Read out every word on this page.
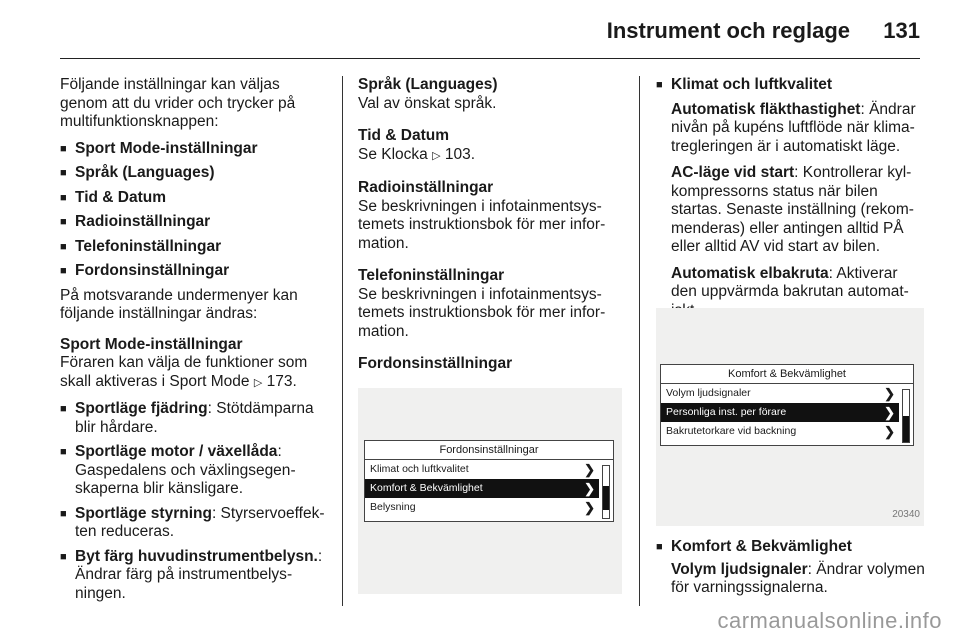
Instrument och reglage 131

Följande inställningar kan väljas genom att du vrider och trycker på multifunktionsknappen:

■ Sport Mode-inställningar
■ Språk (Languages)
■ Tid & Datum
■ Radioinställningar
■ Telefoninställningar
■ Fordonsinställningar

På motsvarande undermenyer kan följande inställningar ändras:

Sport Mode-inställningar

Föraren kan välja de funktioner som skall aktiveras i Sport Mode ▷ 173.

■ Sportläge fjädring: Stötdämparna blir hårdare.
■ Sportläge motor / växellåda: Gaspedalens och växlingsegenskaperna blir känsligare.
■ Sportläge styrning: Styrservoeffekten reduceras.
■ Byt färg huvudinstrumentbelysn.: Ändrar färg på instrumentbelysningen.
Språk (Languages)
Val av önskat språk.
Tid & Datum
Se Klocka ▷ 103.
Radioinställningar
Se beskrivningen i infotainmentsystemets instruktionsbok för mer information.
Telefoninställningar
Se beskrivningen i infotainmentsystemets instruktionsbok för mer information.
Fordonsinställningar
Fordonsinställningar
Klimat och luftkvalitet	❯
Komfort & Bekvämlighet	❯
Belysning	❯
■ Klimat och luftkvalitet

Automatisk fläkthastighet: Ändrar nivån på kupéns luftflöde när klimatregleringen är i automatiskt läge.

AC-läge vid start: Kontrollerar kylkompressorns status när bilen startas. Senaste inställning (rekommenderas) eller antingen alltid PÅ eller alltid AV vid start av bilen.

Automatisk elbakruta: Aktiverar den uppvärmda bakrutan automat

Komfort & Bekvämlighet
Volym ljudsignaler	❯
Personliga inst. per förare	❯
Bakrutetorkare vid backning	❯
20340
■ Komfort & Bekvämlighet
Volym ljudsignaler: Ändrar volymen för varningssignalerna.
carmanualsonline.info
